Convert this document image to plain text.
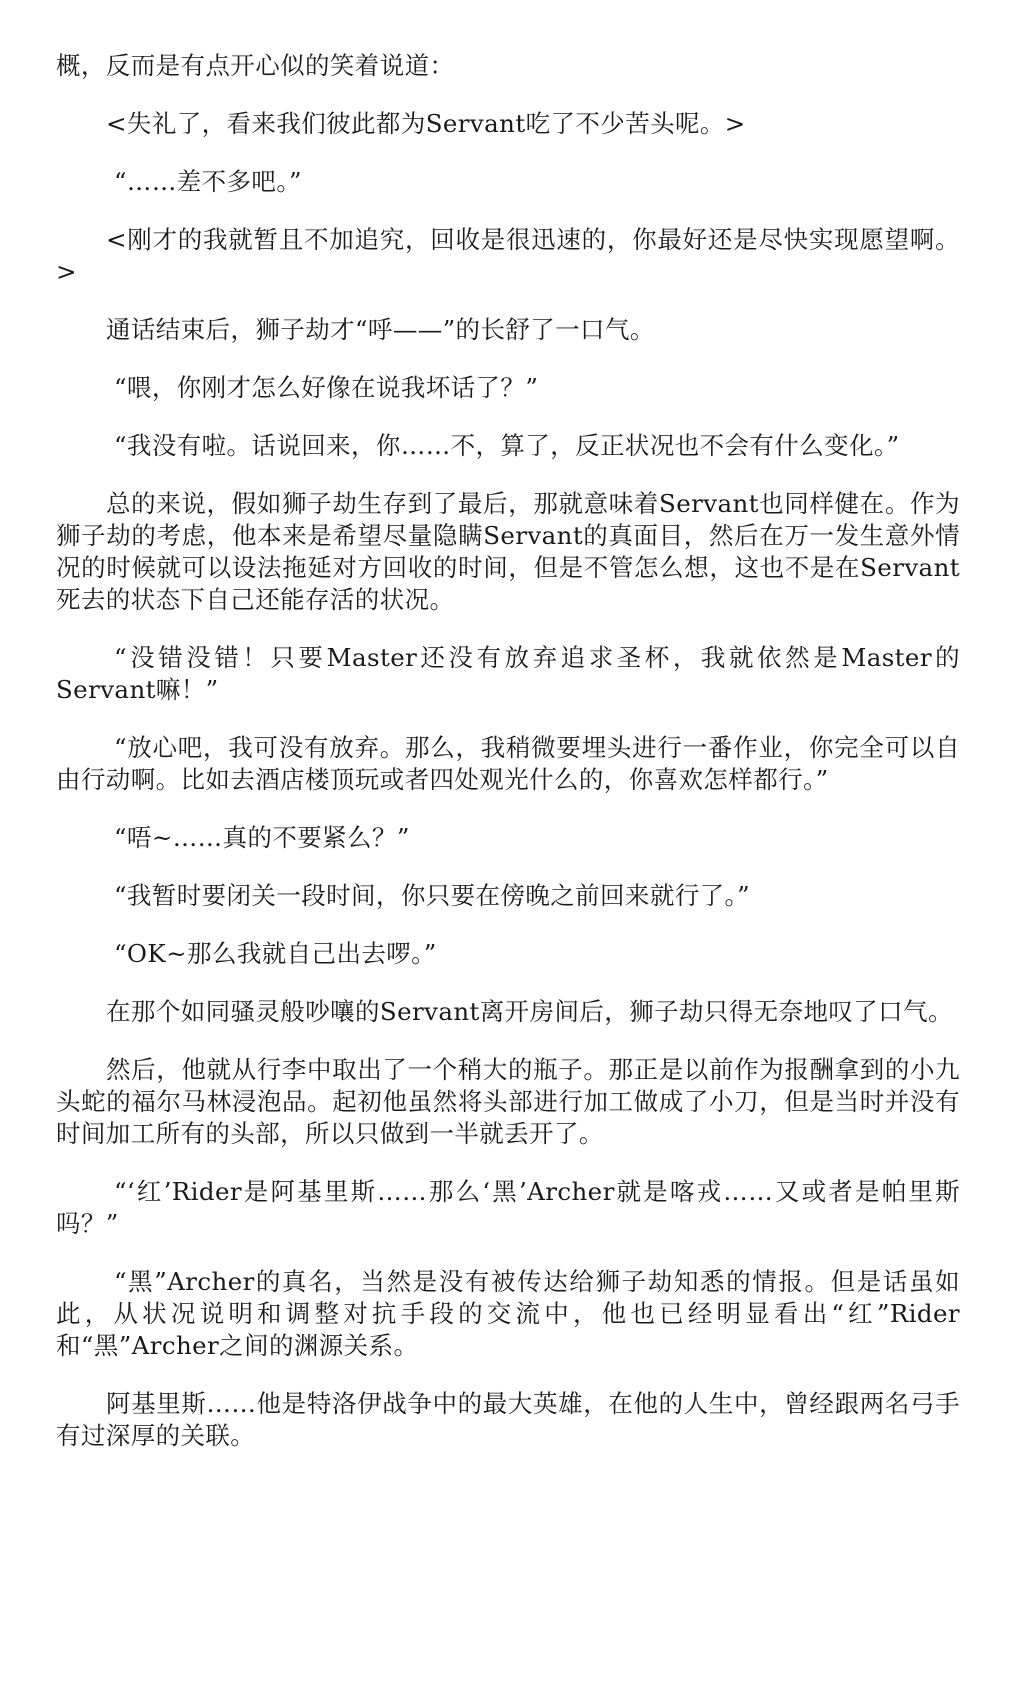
概，反而是有点开心似的笑着说道：

<失礼了，看来我们彼此都为Servant吃了不少苦头呢。>

“……差不多吧。”

<刚才的我就暂且不加追究，回收是很迅速的，你最好还是尽快实现愿望啊。>

通话结束后，狮子劫才“呼——”的长舒了一口气。

“喂，你刚才怎么好像在说我坏话了？”

“我没有啦。话说回来，你……不，算了，反正状况也不会有什么变化。”

总的来说，假如狮子劫生存到了最后，那就意味着Servant也同样健在。作为狮子劫的考虑，他本来是希望尽量隐瞒Servant的真面目，然后在万一发生意外情况的时候就可以设法拖延对方回收的时间，但是不管怎么想，这也不是在Servant死去的状态下自己还能存活的状况。

“没错没错！只要Master还没有放弃追求圣杯，我就依然是Master的Servant嘛！”

“放心吧，我可没有放弃。那么，我稍微要埋头进行一番作业，你完全可以自由行动啊。比如去酒店楼顶玩或者四处观光什么的，你喜欢怎样都行。”

“唔~……真的不要紧么？”

“我暂时要闭关一段时间，你只要在傍晚之前回来就行了。”

“OK~那么我就自己出去啰。”

在那个如同骚灵般吵嚷的Servant离开房间后，狮子劫只得无奈地叹了口气。

然后，他就从行李中取出了一个稍大的瓶子。那正是以前作为报酬拿到的小九头蛇的福尔马林浸泡品。起初他虽然将头部进行加工做成了小刀，但是当时并没有时间加工所有的头部，所以只做到一半就丢开了。

“‘红’Rider是阿基里斯……那么‘黑’Archer就是喀戎……又或者是帕里斯吗？”

“黑”Archer的真名，当然是没有被传达给狮子劫知悉的情报。但是话虽如此，从状况说明和调整对抗手段的交流中，他也已经明显看出“红”Rider和“黑”Archer之间的渊源关系。

阿基里斯……他是特洛伊战争中的最大英雄，在他的人生中，曾经跟两名弓手有过深厚的关联。
